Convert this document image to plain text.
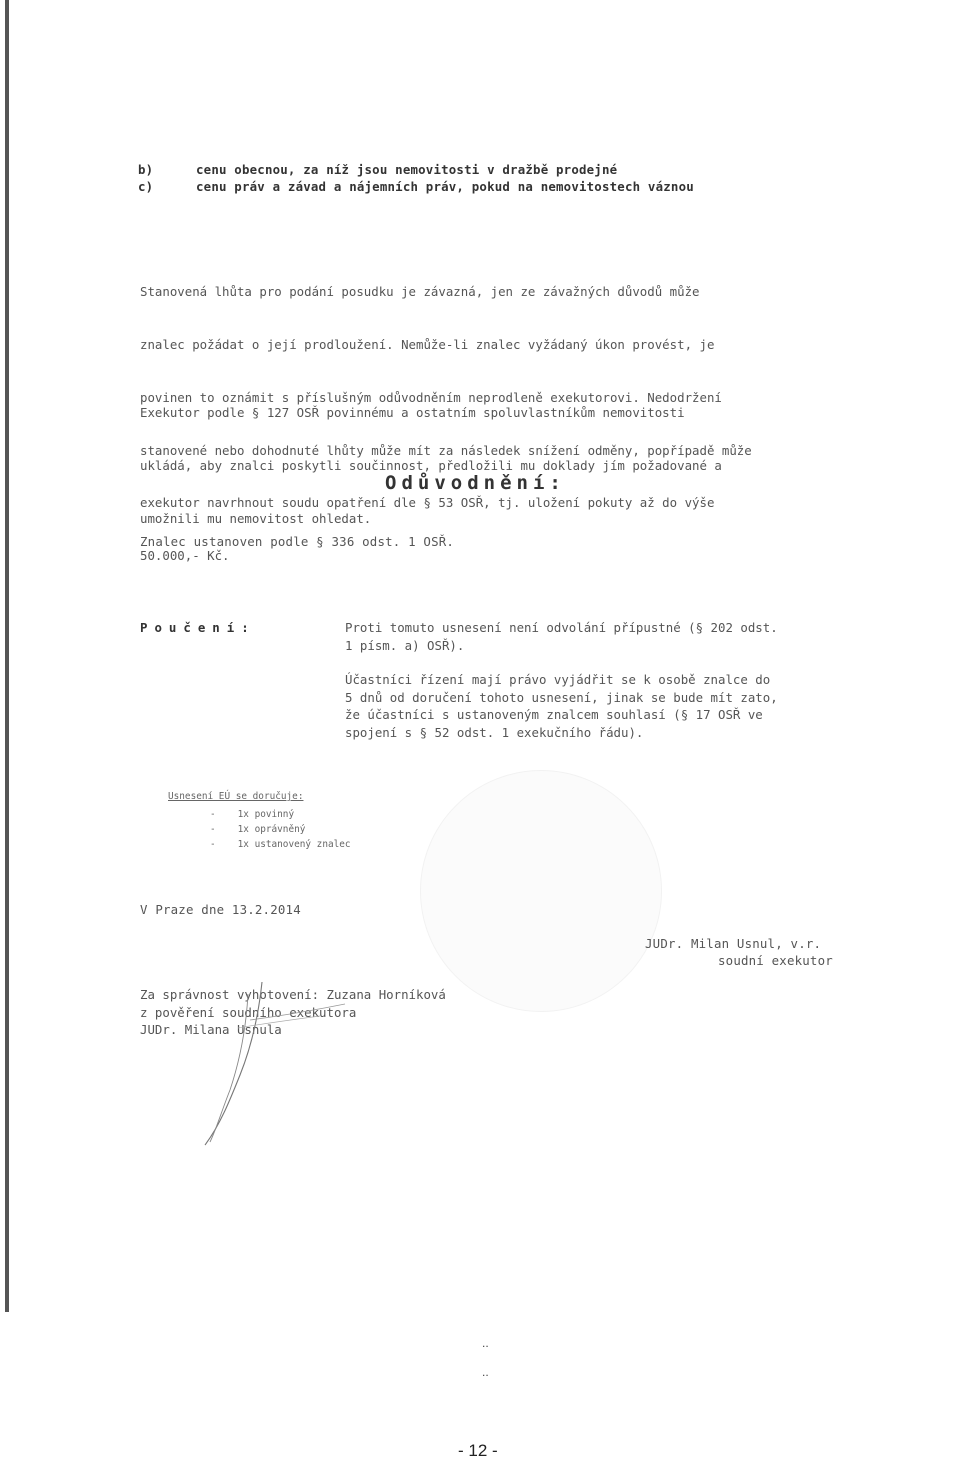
b)	cenu obecnou, za níž jsou nemovitosti v dražbě prodejné
c)	cenu práv a závad a nájemních práv, pokud na nemovitostech váznou

Stanovená lhůta pro podání posudku je závazná, jen ze závažných důvodů může

znalec požádat o její prodloužení. Nemůže-li znalec vyžádaný úkon provést, je

povinen to oznámit s příslušným odůvodněním neprodleně exekutorovi. Nedodržení

stanovené nebo dohodnuté lhůty může mít za následek snížení odměny, popřípadě může

exekutor navrhnout soudu opatření dle § 53 OSŘ, tj. uložení pokuty až do výše

50.000,- Kč.

Exekutor podle § 127 OSŘ povinnému a ostatním spoluvlastníkům nemovitosti

ukládá, aby znalci poskytli součinnost, předložili mu doklady jím požadované a

umožnili mu nemovitost ohledat.

Odůvodnění:
Znalec ustanoven podle § 336 odst. 1 OSŘ.
Poučení:	Proti tomuto usnesení není odvolání přípustné (§ 202 odst.
1 písm. a) OSŘ).
Účastníci řízení mají právo vyjádřit se k osobě znalce do
5 dnů od doručení tohoto usnesení, jinak se bude mít zato,
že účastníci s ustanoveným znalcem souhlasí (§ 17 OSŘ ve
spojení s § 52 odst. 1 exekučního řádu).
Usnesení EÚ se doručuje:
- 1x povinný
- 1x oprávněný
- 1x ustanovený znalec
V Praze dne 13.2.2014
JUDr. Milan Usnul, v.r.
soudní exekutor
Za správnost vyhotovení: Zuzana Horníková
z pověření soudního exekutora
JUDr. Milana Usnula
..
..
- 12 -
